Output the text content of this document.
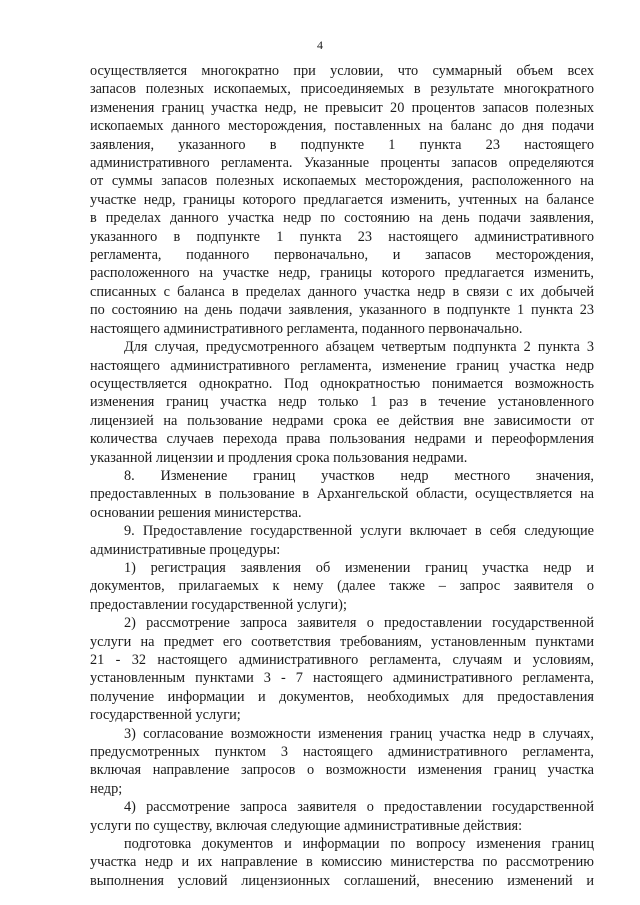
4
осуществляется многократно при условии, что суммарный объем всех
запасов полезных ископаемых, присоединяемых в результате многократного
изменения границ участка недр, не превысит 20 процентов запасов полезных
ископаемых данного месторождения, поставленных на баланс до дня подачи
заявления, указанного в подпункте 1 пункта 23 настоящего
административного регламента. Указанные проценты запасов определяются
от суммы запасов полезных ископаемых месторождения, расположенного на
участке недр, границы которого предлагается изменить, учтенных на балансе
в пределах данного участка недр по состоянию на день подачи заявления,
указанного в подпункте 1 пункта 23 настоящего административного
регламента, поданного первоначально, и запасов месторождения,
расположенного на участке недр, границы которого предлагается изменить,
списанных с баланса в пределах данного участка недр в связи с их добычей
по состоянию на день подачи заявления, указанного в подпункте 1 пункта 23
настоящего административного регламента, поданного первоначально.
Для случая, предусмотренного абзацем четвертым подпункта 2 пункта 3
настоящего административного регламента, изменение границ участка недр
осуществляется однократно. Под однократностью понимается возможность
изменения границ участка недр только 1 раз в течение установленного
лицензией на пользование недрами срока ее действия вне зависимости от
количества случаев перехода права пользования недрами и переоформления
указанной лицензии и продления срока пользования недрами.
8. Изменение границ участков недр местного значения,
предоставленных в пользование в Архангельской области, осуществляется на
основании решения министерства.
9. Предоставление государственной услуги включает в себя следующие
административные процедуры:
1) регистрация заявления об изменении границ участка недр и
документов, прилагаемых к нему (далее также – запрос заявителя о
предоставлении государственной услуги);
2) рассмотрение запроса заявителя о предоставлении государственной
услуги на предмет его соответствия требованиям, установленным пунктами
21 - 32 настоящего административного регламента, случаям и условиям,
установленным пунктами 3 - 7 настоящего административного регламента,
получение информации и документов, необходимых для предоставления
государственной услуги;
3) согласование возможности изменения границ участка недр в случаях,
предусмотренных пунктом 3 настоящего административного регламента,
включая направление запросов о возможности изменения границ участка
недр;
4) рассмотрение запроса заявителя о предоставлении государственной
услуги по существу, включая следующие административные действия:
подготовка документов и информации по вопросу изменения границ
участка недр и их направление в комиссию министерства по рассмотрению
выполнения условий лицензионных соглашений, внесению изменений и
